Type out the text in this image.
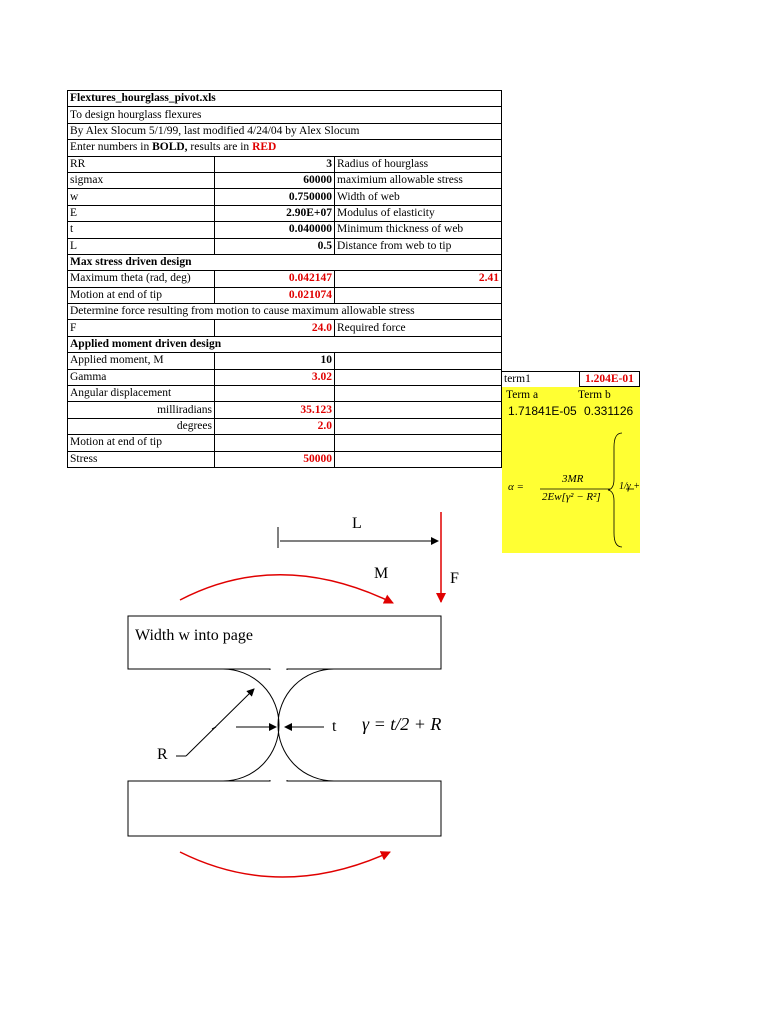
Flextures_hourglass_pivot.xls		
To design hourglass flexures		
By Alex Slocum 5/1/99, last modified 4/24/04 by Alex Slocum		
Enter numbers in BOLD, results are in RED		
RR	3	Radius of hourglass
sigmax	60000	maximium allowable stress
w	0.750000	Width of web
E	2.90E+07	Modulus of elasticity
t	0.040000	Minimum thickness of web
L	0.5	Distance from web to tip
Max stress driven design		
Maximum theta (rad, deg)	0.042147	2.41
Motion at end of tip	0.021074	
Determine force resulting from motion to cause maximum allowable stress		
F	24.0	Required force
Applied moment driven design		
Applied moment, M	10	
Gamma	3.02	
Angular displacement		
milliradians	35.123	
degrees	2.0	
Motion at end of tip		
Stress	50000	
term1	1.204E-01
Term a	Term b
1.71841E-05 0.331126
α =
3MR
2Ew[γ² − R²]
1/γ +
L
M	F
Width w into page
t γ = t/2 + R
R
